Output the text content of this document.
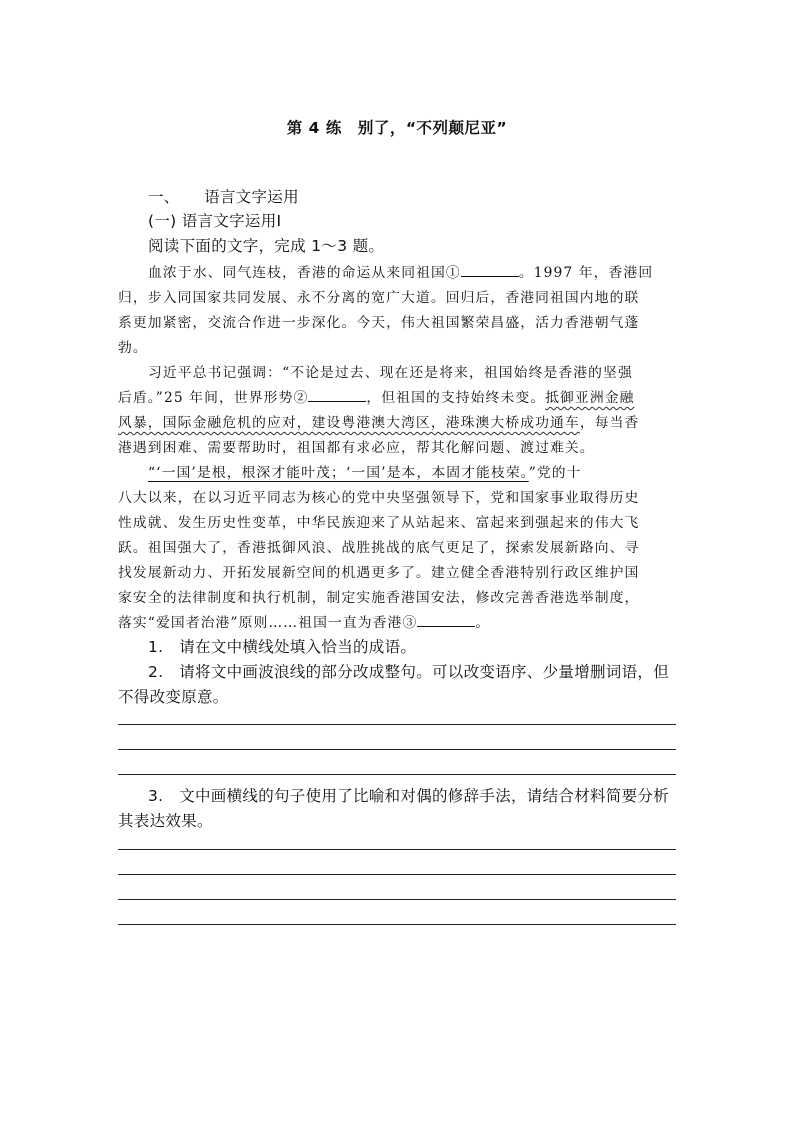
第 4 练　别了，“不列颠尼亚”
一、 语言文字运用
(一) 语言文字运用Ⅰ
阅读下面的文字，完成 1～3 题。
血浓于水、同气连枝，香港的命运从来同祖国①	。1997 年，香港回
归，步入同国家共同发展、永不分离的宽广大道。回归后，香港同祖国内地的联
系更加紧密，交流合作进一步深化。今天，伟大祖国繁荣昌盛，活力香港朝气蓬
勃。
习近平总书记强调：“不论是过去、现在还是将来，祖国始终是香港的坚强
后盾。”25 年间，世界形势②	，但祖国的支持始终未变。抵御亚洲金融
风暴，国际金融危机的应对，建设粤港澳大湾区，港珠澳大桥成功通车，每当香
港遇到困难、需要帮助时，祖国都有求必应，帮其化解问题、渡过难关。
“‘一国’是根，根深才能叶茂；‘一国’是本，本固才能枝荣。”党的十
八大以来，在以习近平同志为核心的党中央坚强领导下，党和国家事业取得历史
性成就、发生历史性变革，中华民族迎来了从站起来、富起来到强起来的伟大飞
跃。祖国强大了，香港抵御风浪、战胜挑战的底气更足了，探索发展新路向、寻
找发展新动力、开拓发展新空间的机遇更多了。建立健全香港特别行政区维护国
家安全的法律制度和执行机制，制定实施香港国安法，修改完善香港选举制度，
落实“爱国者治港”原则……祖国一直为香港③	。
1.　请在文中横线处填入恰当的成语。
2.　请将文中画波浪线的部分改成整句。可以改变语序、少量增删词语，但
不得改变原意。
3.　文中画横线的句子使用了比喻和对偶的修辞手法，请结合材料简要分析
其表达效果。
